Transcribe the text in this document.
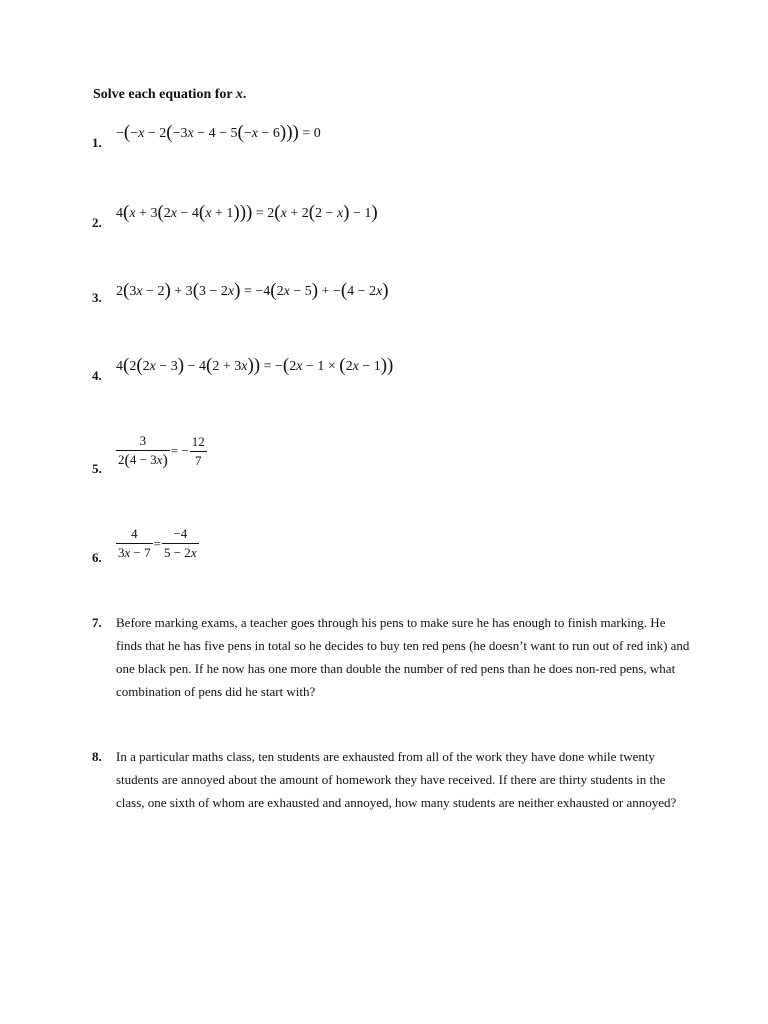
Solve each equation for x.

1.
−(−x − 2(−3x − 4 − 5(−x − 6))) = 0
2.
4(x + 3(2x − 4(x + 1))) = 2(x + 2(2 − x) − 1)
3. 2(3x − 2) + 3(3 − 2x) = −4(2x − 5) + −(4 − 2x)
4.
4(2(2x − 3) − 4(2 + 3x)) = −(2x − 1 × (2x − 1))
5. $\frac{3}{2(4 - 3x)}$ = − $\frac{12}{7}$
6. $\frac{4}{3x - 7} = \frac{-4}{5 - 2x}$
7. Before marking exams, a teacher goes through his pens to make sure he has enough to finish marking. He finds that he has five pens in total so he decides to buy ten red pens (he doesn’t want to run out of red ink) and one black pen. If he now has one more than double the number of red pens than he does non-red pens, what combination of pens did he start with?

8. In a particular maths class, ten students are exhausted from all of the work they have done while twenty students are annoyed about the amount of homework they have received. If there are thirty students in the class, one sixth of whom are exhausted and annoyed, how many students are neither exhausted or annoyed?
